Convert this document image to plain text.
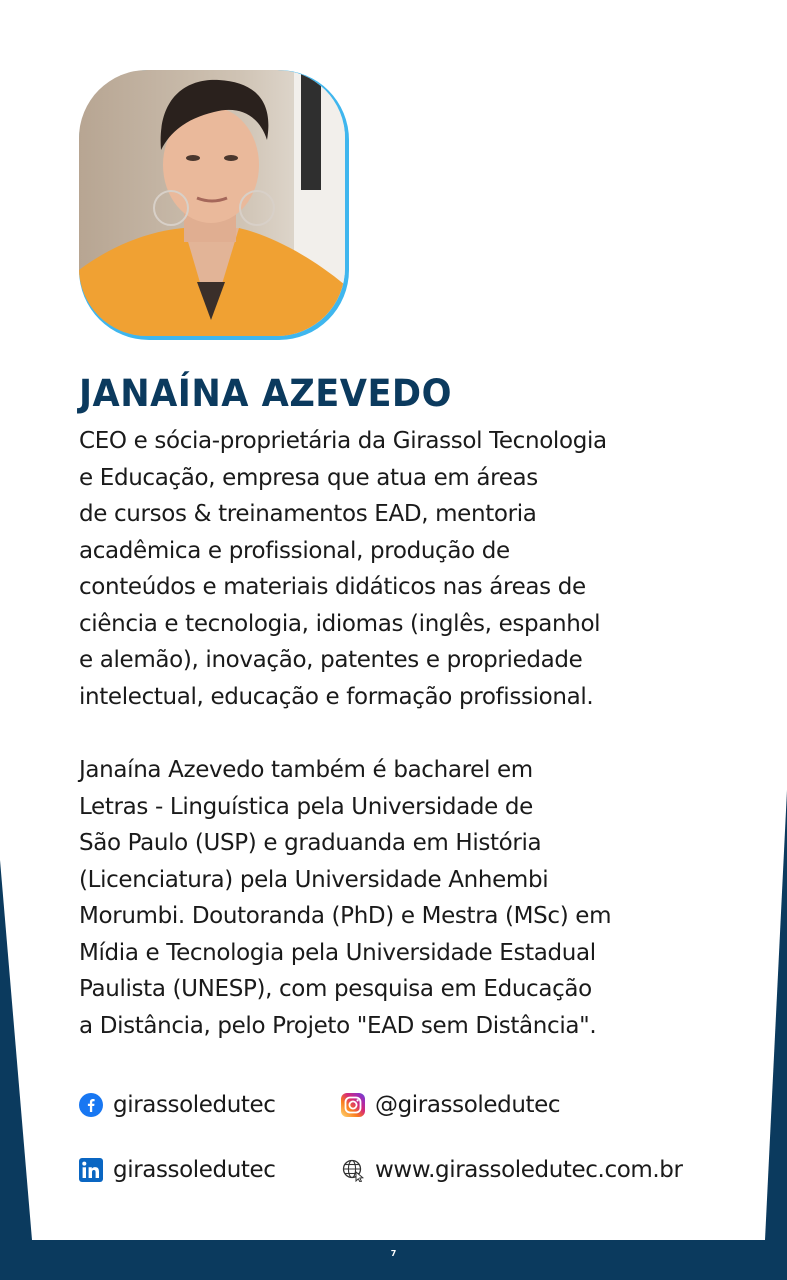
JANAÍNA AZEVEDO
CEO e sócia-proprietária da Girassol Tecnologia
e Educação, empresa que atua em áreas
de cursos & treinamentos EAD, mentoria
acadêmica e profissional, produção de
conteúdos e materiais didáticos nas áreas de
ciência e tecnologia, idiomas (inglês, espanhol
e alemão), inovação, patentes e propriedade
intelectual, educação e formação profissional.
Janaína Azevedo também é bacharel em
Letras - Linguística pela Universidade de
São Paulo (USP) e graduanda em História
(Licenciatura) pela Universidade Anhembi
Morumbi. Doutoranda (PhD) e Mestra (MSc) em
Mídia e Tecnologia pela Universidade Estadual
Paulista (UNESP), com pesquisa em Educação
a Distância, pelo Projeto "EAD sem Distância".
girassoledutec	@girassoledutec
girassoledutec	www.girassoledutec.com.br
7
